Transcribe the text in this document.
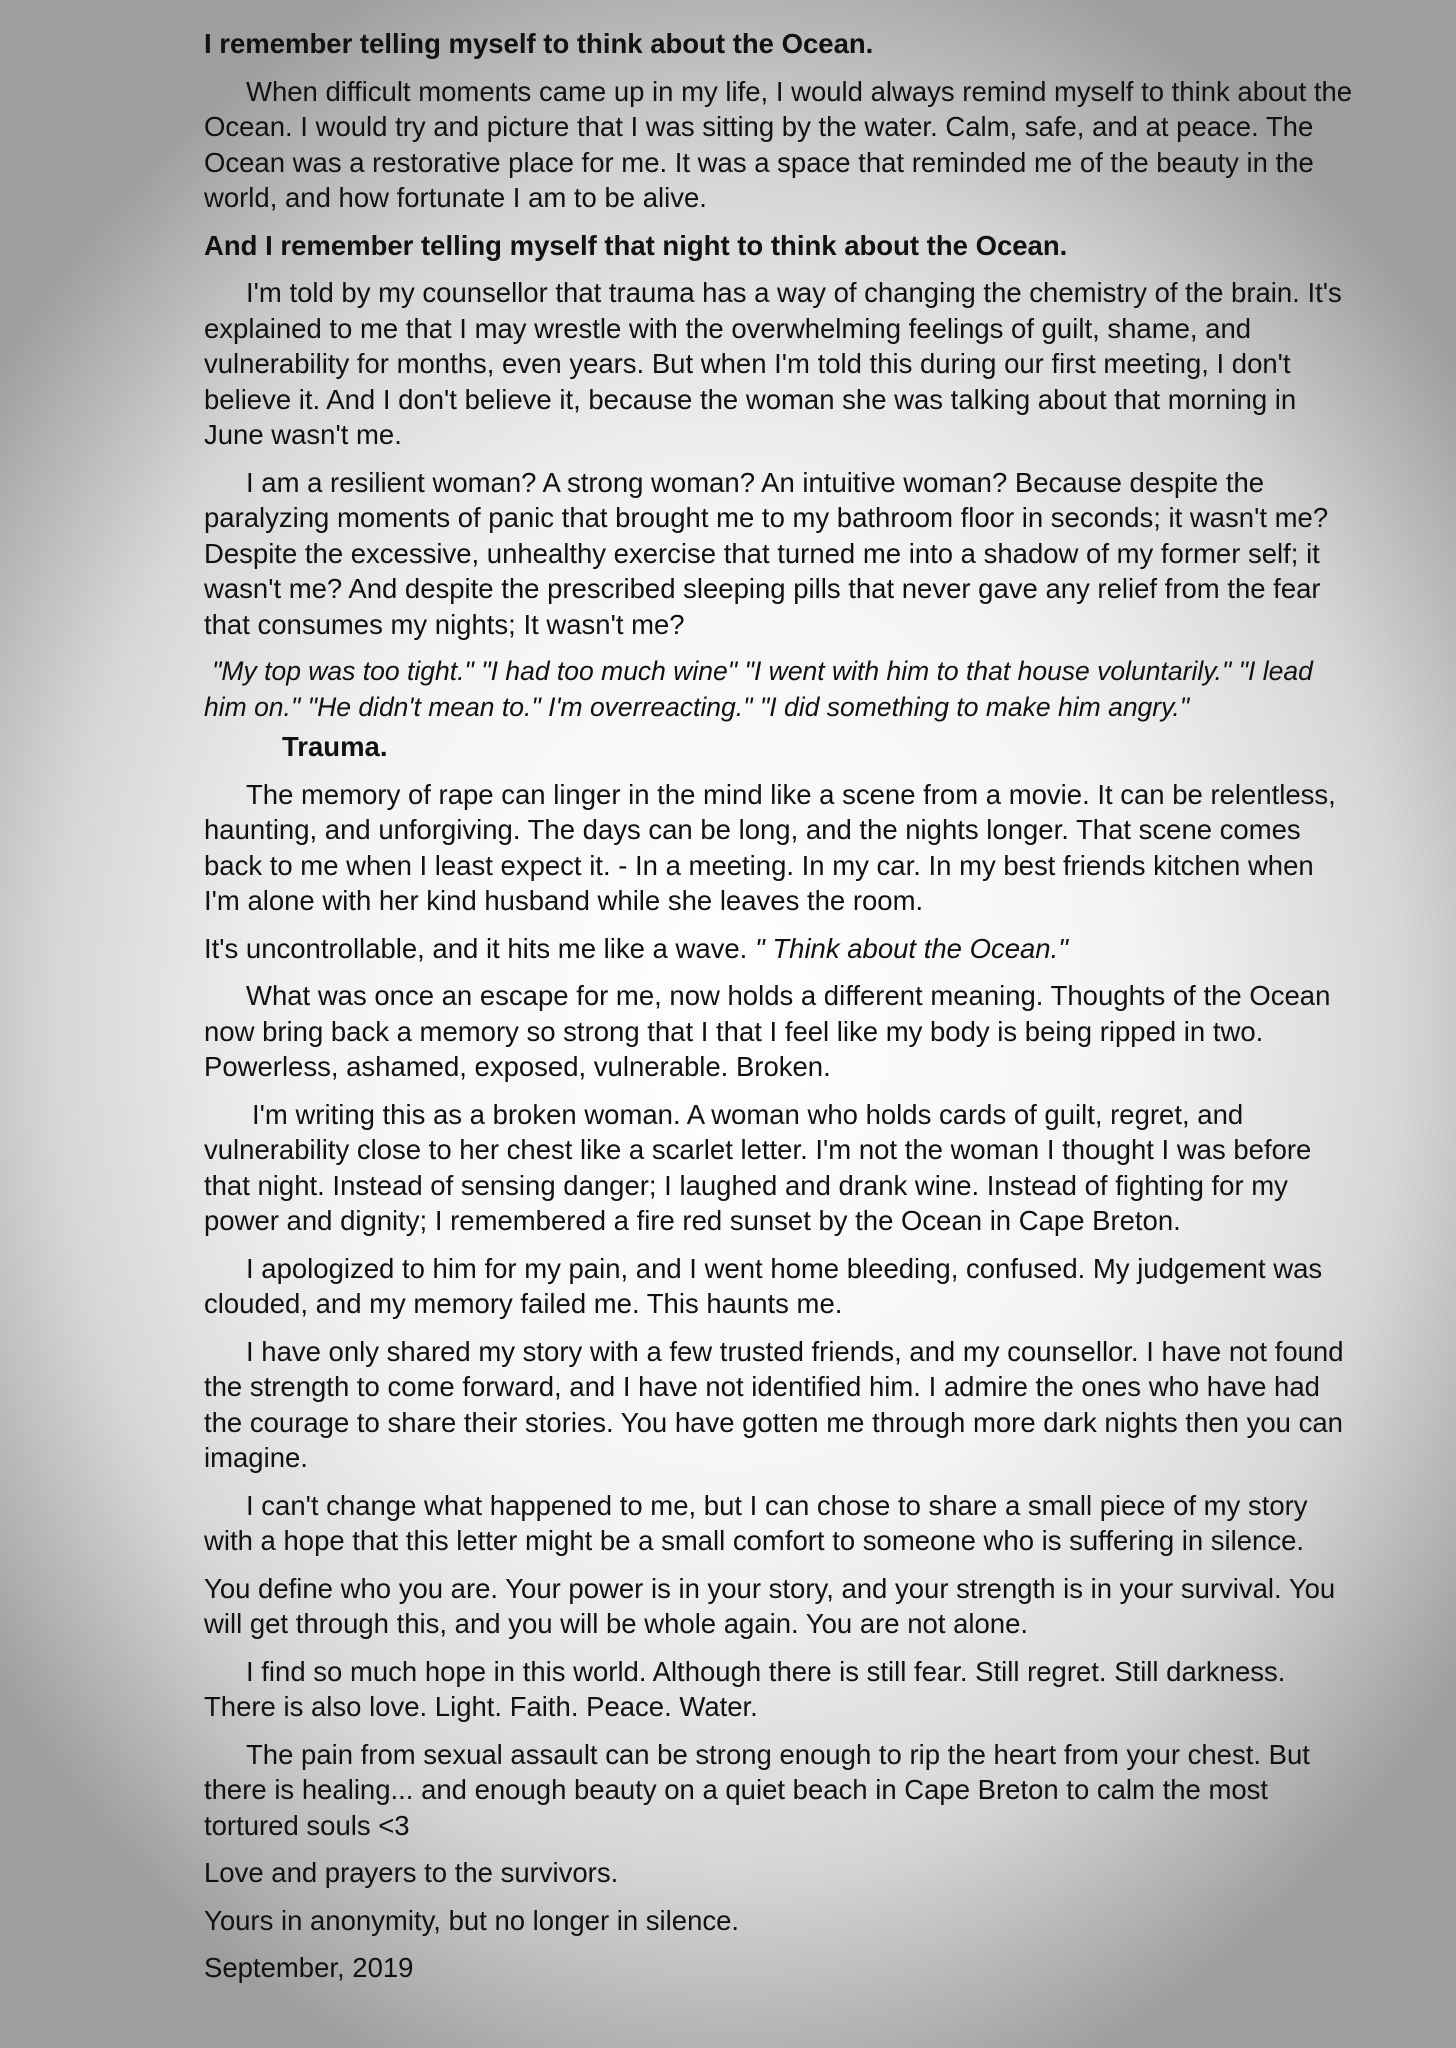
I remember telling myself to think about the Ocean.

When difficult moments came up in my life, I would always remind myself to think about the Ocean. I would try and picture that I was sitting by the water. Calm, safe, and at peace. The Ocean was a restorative place for me. It was a space that reminded me of the beauty in the world, and how fortunate I am to be alive.

And I remember telling myself that night to think about the Ocean.

I'm told by my counsellor that trauma has a way of changing the chemistry of the brain. It's explained to me that I may wrestle with the overwhelming feelings of guilt, shame, and vulnerability for months, even years. But when I'm told this during our first meeting, I don't believe it. And I don't believe it, because the woman she was talking about that morning in June wasn't me.

I am a resilient woman? A strong woman? An intuitive woman? Because despite the paralyzing moments of panic that brought me to my bathroom floor in seconds; it wasn't me? Despite the excessive, unhealthy exercise that turned me into a shadow of my former self; it wasn't me? And despite the prescribed sleeping pills that never gave any relief from the fear that consumes my nights; It wasn't me?

"My top was too tight." "I had too much wine" "I went with him to that house voluntarily." "I lead him on." "He didn't mean to." I'm overreacting." "I did something to make him angry."

Trauma.

The memory of rape can linger in the mind like a scene from a movie. It can be relentless, haunting, and unforgiving. The days can be long, and the nights longer. That scene comes back to me when I least expect it. - In a meeting. In my car. In my best friends kitchen when I'm alone with her kind husband while she leaves the room.

It's uncontrollable, and it hits me like a wave. " Think about the Ocean."

What was once an escape for me, now holds a different meaning. Thoughts of the Ocean now bring back a memory so strong that I that I feel like my body is being ripped in two. Powerless, ashamed, exposed, vulnerable. Broken.

I'm writing this as a broken woman. A woman who holds cards of guilt, regret, and vulnerability close to her chest like a scarlet letter. I'm not the woman I thought I was before that night. Instead of sensing danger; I laughed and drank wine. Instead of fighting for my power and dignity; I remembered a fire red sunset by the Ocean in Cape Breton.

I apologized to him for my pain, and I went home bleeding, confused. My judgement was clouded, and my memory failed me. This haunts me.

I have only shared my story with a few trusted friends, and my counsellor. I have not found the strength to come forward, and I have not identified him. I admire the ones who have had the courage to share their stories. You have gotten me through more dark nights then you can imagine.

I can't change what happened to me, but I can chose to share a small piece of my story with a hope that this letter might be a small comfort to someone who is suffering in silence.

You define who you are. Your power is in your story, and your strength is in your survival. You will get through this, and you will be whole again. You are not alone.

I find so much hope in this world. Although there is still fear. Still regret. Still darkness. There is also love. Light. Faith. Peace. Water.

The pain from sexual assault can be strong enough to rip the heart from your chest. But there is healing... and enough beauty on a quiet beach in Cape Breton to calm the most tortured souls <3

Love and prayers to the survivors.

Yours in anonymity, but no longer in silence.

September, 2019
